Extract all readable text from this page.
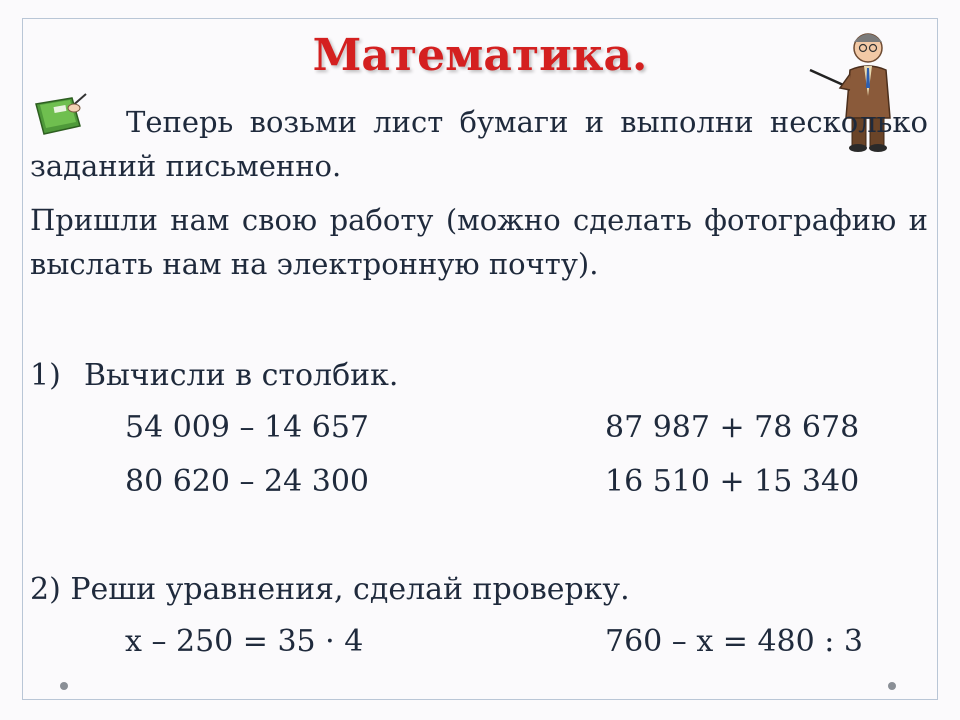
Математика.
Теперь возьми лист бумаги и выполни несколько заданий письменно.
Пришли нам свою работу (можно сделать фотографию и выслать нам на электронную почту).
1) Вычисли в столбик.
54 009 – 14 657	87 987 + 78 678
80 620 – 24 300	16 510 + 15 340
2) Реши уравнения, сделай проверку.
x – 250 = 35 · 4	760 – x = 480 : 3
